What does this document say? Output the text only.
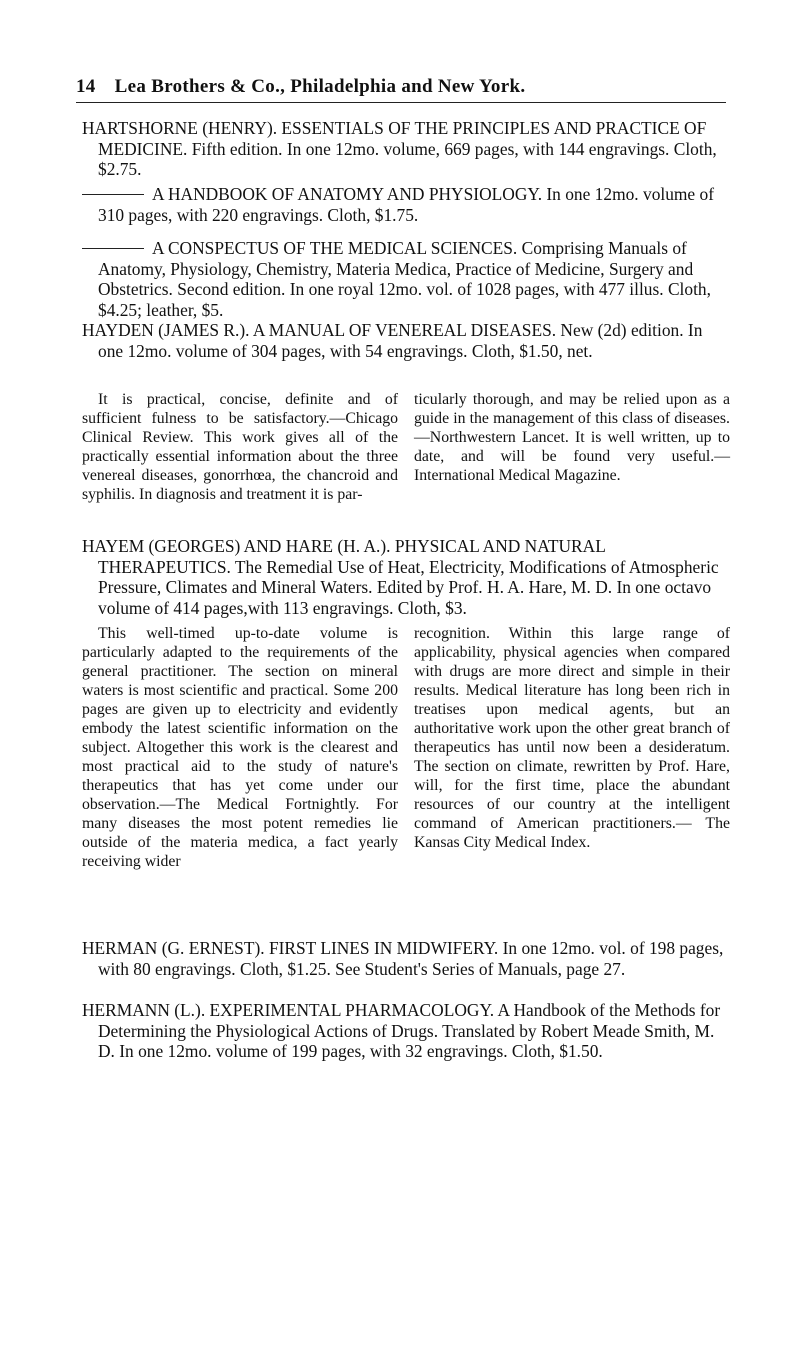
14 Lea Brothers & Co., Philadelphia and New York.

HARTSHORNE (HENRY). ESSENTIALS OF THE PRINCIPLES AND PRACTICE OF MEDICINE. Fifth edition. In one 12mo. volume, 669 pages, with 144 engravings. Cloth, $2.75.

A HANDBOOK OF ANATOMY AND PHYSIOLOGY. In one 12mo. volume of 310 pages, with 220 engravings. Cloth, $1.75.

A CONSPECTUS OF THE MEDICAL SCIENCES. Comprising Manuals of Anatomy, Physiology, Chemistry, Materia Medica, Practice of Medicine, Surgery and Obstetrics. Second edition. In one royal 12mo. vol. of 1028 pages, with 477 illus. Cloth, $4.25; leather, $5.

HAYDEN (JAMES R.). A MANUAL OF VENEREAL DISEASES. New (2d) edition. In one 12mo. volume of 304 pages, with 54 engravings. Cloth, $1.50, net.

It is practical, concise, definite and of sufficient fulness to be satisfactory.—Chicago Clinical Review. This work gives all of the practically essential information about the three venereal diseases, gonorrhœa, the chancroid and syphilis. In diagnosis and treatment it is par-

ticularly thorough, and may be relied upon as a guide in the management of this class of diseases.—Northwestern Lancet. It is well written, up to date, and will be found very useful.—International Medical Magazine.

HAYEM (GEORGES) AND HARE (H. A.). PHYSICAL AND NATURAL THERAPEUTICS. The Remedial Use of Heat, Electricity, Modifications of Atmospheric Pressure, Climates and Mineral Waters. Edited by Prof. H. A. Hare, M. D. In one octavo volume of 414 pages,with 113 engravings. Cloth, $3.

This well-timed up-to-date volume is particularly adapted to the requirements of the general practitioner. The section on mineral waters is most scientific and practical. Some 200 pages are given up to electricity and evidently embody the latest scientific information on the subject. Altogether this work is the clearest and most practical aid to the study of nature's therapeutics that has yet come under our observation.—The Medical Fortnightly. For many diseases the most potent remedies lie outside of the materia medica, a fact yearly receiving wider

recognition. Within this large range of applicability, physical agencies when compared with drugs are more direct and simple in their results. Medical literature has long been rich in treatises upon medical agents, but an authoritative work upon the other great branch of therapeutics has until now been a desideratum. The section on climate, rewritten by Prof. Hare, will, for the first time, place the abundant resources of our country at the intelligent command of American practitioners.— The Kansas City Medical Index.

HERMAN (G. ERNEST). FIRST LINES IN MIDWIFERY. In one 12mo. vol. of 198 pages, with 80 engravings. Cloth, $1.25. See Student's Series of Manuals, page 27.

HERMANN (L.). EXPERIMENTAL PHARMACOLOGY. A Handbook of the Methods for Determining the Physiological Actions of Drugs. Translated by Robert Meade Smith, M. D. In one 12mo. volume of 199 pages, with 32 engravings. Cloth, $1.50.
